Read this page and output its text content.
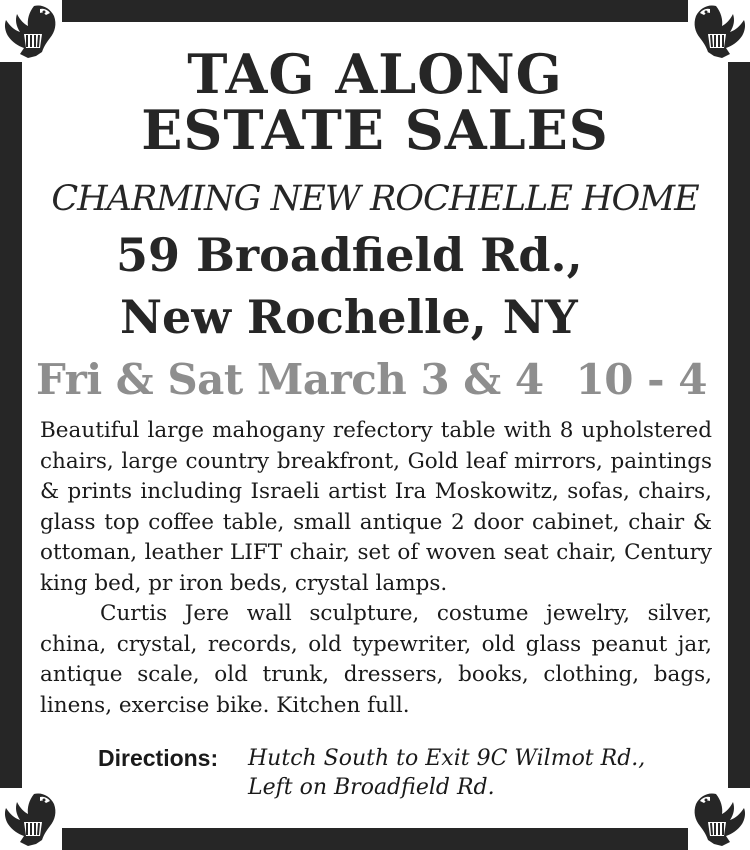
TAG ALONG
ESTATE SALES
CHARMING NEW ROCHELLE HOME
59 Broadfield Rd.,
New Rochelle, NY
Fri & Sat March 3 & 4 10 - 4

Beautiful large mahogany refectory table with 8 upholstered chairs, large country breakfront, Gold leaf mirrors, paintings & prints including Israeli artist Ira Moskowitz, sofas, chairs, glass top coffee table, small antique 2 door cabinet, chair & ottoman, leather LIFT chair, set of woven seat chair, Century king bed, pr iron beds, crystal lamps.

Curtis Jere wall sculpture, costume jewelry, silver, china, crystal, records, old typewriter, old glass peanut jar, antique scale, old trunk, dressers, books, clothing, bags, linens, exercise bike. Kitchen full.

Directions: Hutch South to Exit 9C Wilmot Rd.,
Left on Broadfield Rd.
